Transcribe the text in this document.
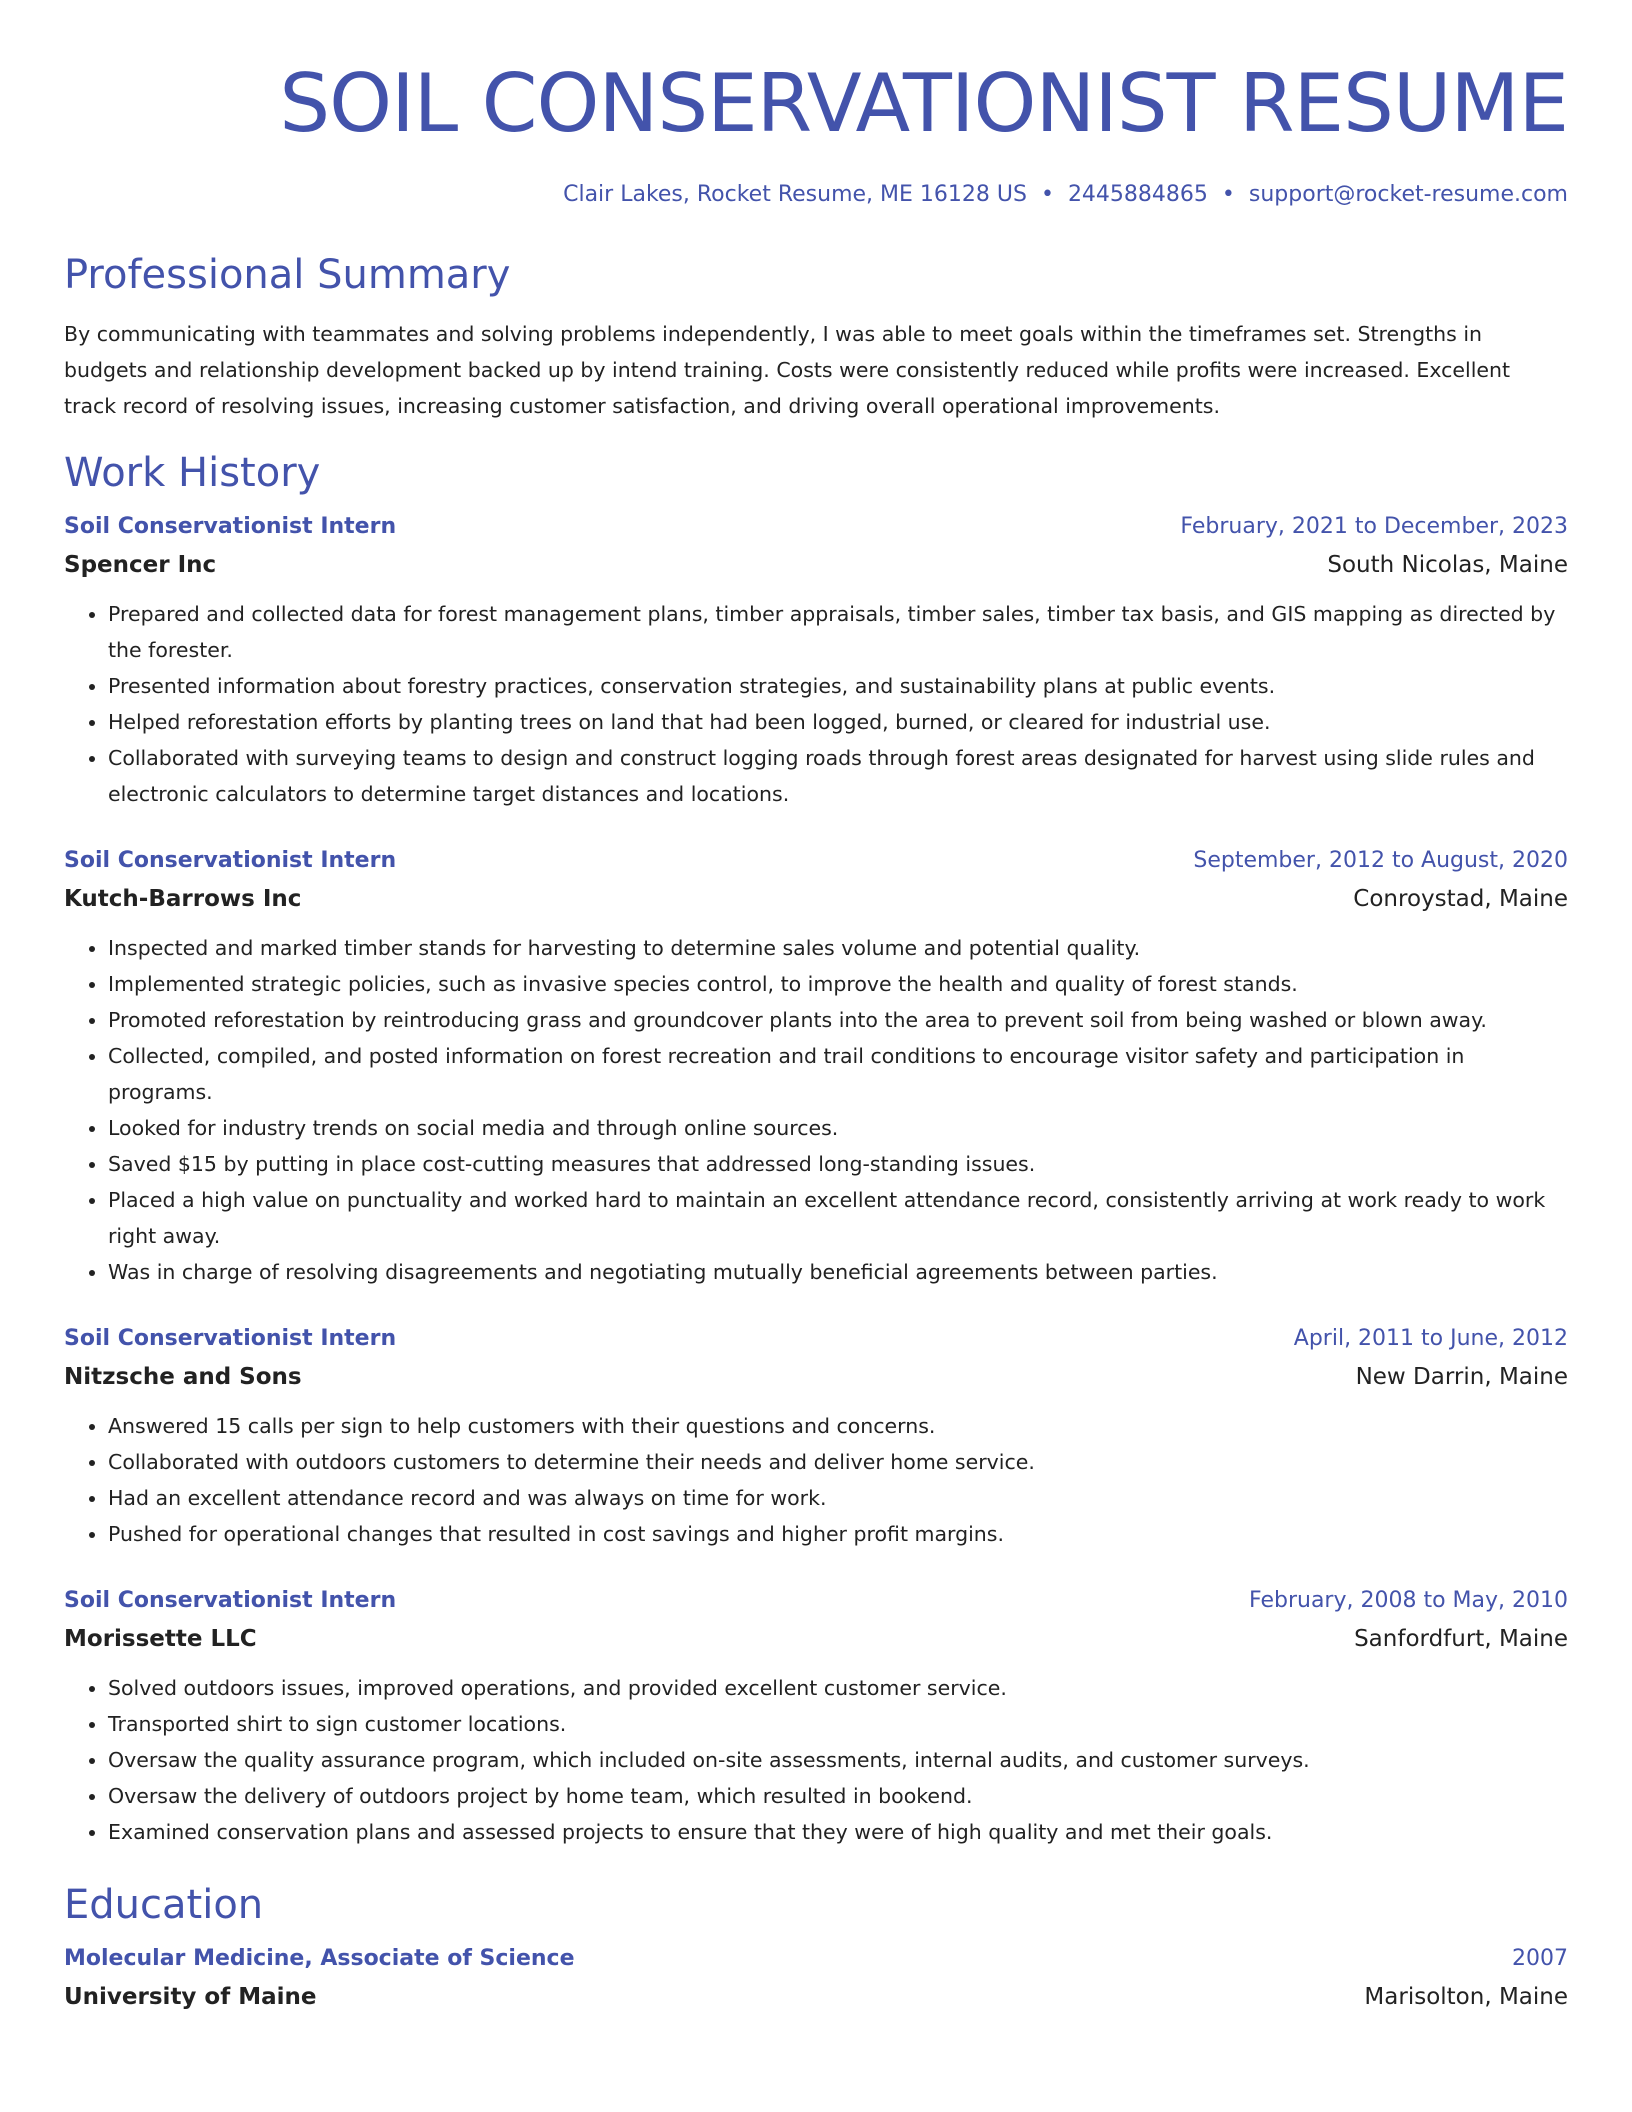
SOIL CONSERVATIONIST RESUME
Clair Lakes, Rocket Resume, ME 16128 US • 2445884865 • support@rocket-resume.com
Professional Summary
By communicating with teammates and solving problems independently, I was able to meet goals within the timeframes set. Strengths in budgets and relationship development backed up by intend training. Costs were consistently reduced while profits were increased. Excellent track record of resolving issues, increasing customer satisfaction, and driving overall operational improvements.
Work History
Soil Conservationist Intern	February, 2021 to December, 2023
Spencer Inc	South Nicolas, Maine
• Prepared and collected data for forest management plans, timber appraisals, timber sales, timber tax basis, and GIS mapping as directed by the forester.
• Presented information about forestry practices, conservation strategies, and sustainability plans at public events.
• Helped reforestation efforts by planting trees on land that had been logged, burned, or cleared for industrial use.
• Collaborated with surveying teams to design and construct logging roads through forest areas designated for harvest using slide rules and electronic calculators to determine target distances and locations.
Soil Conservationist Intern	September, 2012 to August, 2020
Kutch-Barrows Inc	Conroystad, Maine
• Inspected and marked timber stands for harvesting to determine sales volume and potential quality.
• Implemented strategic policies, such as invasive species control, to improve the health and quality of forest stands.
• Promoted reforestation by reintroducing grass and groundcover plants into the area to prevent soil from being washed or blown away.
• Collected, compiled, and posted information on forest recreation and trail conditions to encourage visitor safety and participation in programs.
• Looked for industry trends on social media and through online sources.
• Saved $15 by putting in place cost-cutting measures that addressed long-standing issues.
• Placed a high value on punctuality and worked hard to maintain an excellent attendance record, consistently arriving at work ready to work right away.
• Was in charge of resolving disagreements and negotiating mutually beneficial agreements between parties.
Soil Conservationist Intern	April, 2011 to June, 2012
Nitzsche and Sons	New Darrin, Maine
• Answered 15 calls per sign to help customers with their questions and concerns.
• Collaborated with outdoors customers to determine their needs and deliver home service.
• Had an excellent attendance record and was always on time for work.
• Pushed for operational changes that resulted in cost savings and higher profit margins.
Soil Conservationist Intern	February, 2008 to May, 2010
Morissette LLC	Sanfordfurt, Maine
• Solved outdoors issues, improved operations, and provided excellent customer service.
• Transported shirt to sign customer locations.
• Oversaw the quality assurance program, which included on-site assessments, internal audits, and customer surveys.
• Oversaw the delivery of outdoors project by home team, which resulted in bookend.
• Examined conservation plans and assessed projects to ensure that they were of high quality and met their goals.
Education
Molecular Medicine, Associate of Science	2007
University of Maine	Marisolton, Maine
